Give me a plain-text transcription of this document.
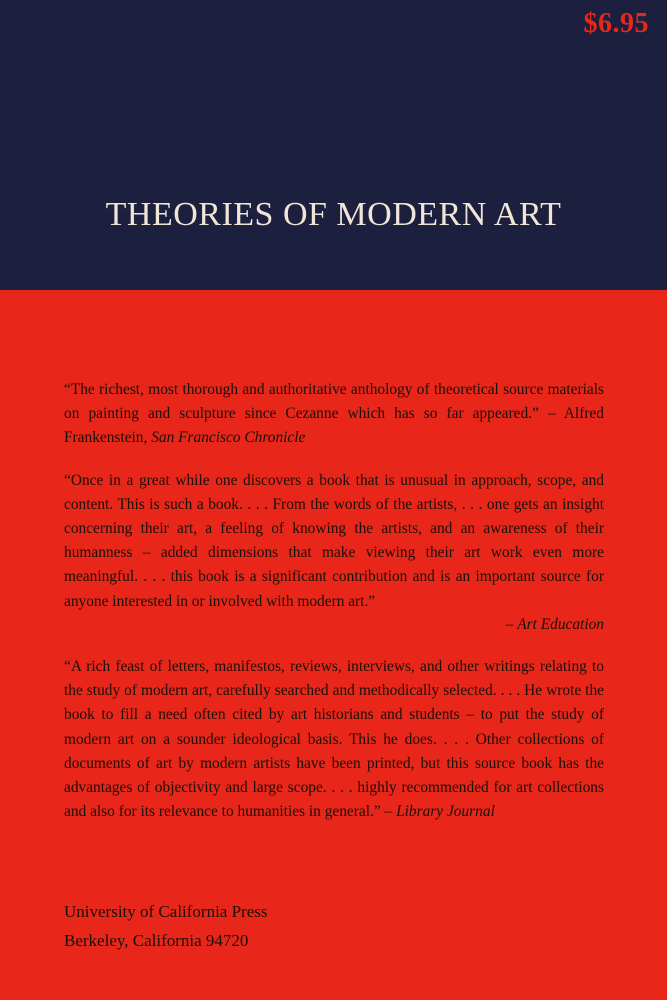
$6.95
THEORIES OF MODERN ART

“The richest, most thorough and authoritative anthology of theoretical source materials on painting and sculpture since Cezanne which has so far appeared.” – Alfred Frankenstein, San Francisco Chronicle

“Once in a great while one discovers a book that is unusual in approach, scope, and content. This is such a book. . . . From the words of the artists, . . . one gets an insight concerning their art, a feeling of knowing the artists, and an awareness of their humanness – added dimensions that make viewing their art work even more meaningful. . . . this book is a significant contribution and is an important source for anyone interested in or involved with modern art.”
– Art Education

“A rich feast of letters, manifestos, reviews, interviews, and other writings relating to the study of modern art, carefully searched and methodically selected. . . . He wrote the book to fill a need often cited by art historians and students – to put the study of modern art on a sounder ideological basis. This he does. . . . Other collections of documents of art by modern artists have been printed, but this source book has the advantages of objectivity and large scope. . . . highly recommended for art collections and also for its relevance to humanities in general.” – Library Journal

University of California Press
Berkeley, California 94720
